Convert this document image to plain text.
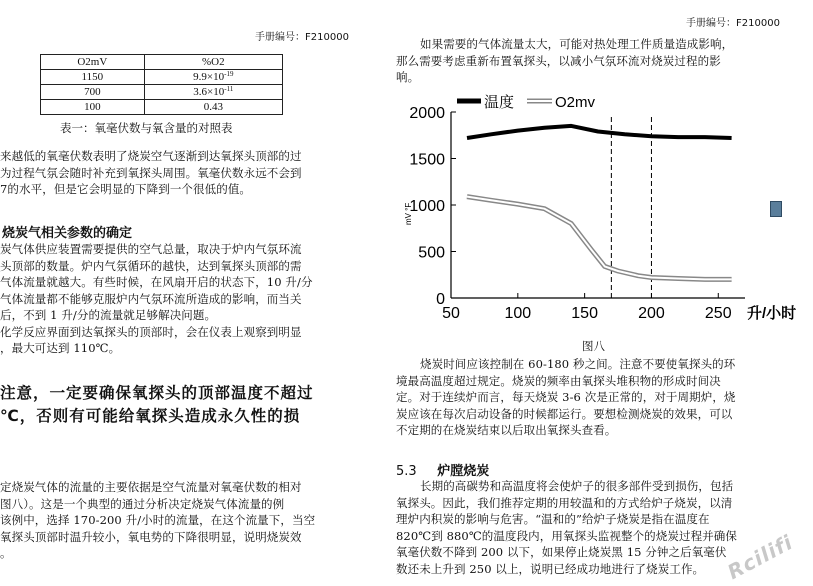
手册编号：F210000
手册编号：F210000
O2mV	%O2
1150	$9.9\times 10^{-19}$
700	$3.6\times 10^{-11}$
100	0.43
表一：氧毫伏数与氧含量的对照表
来越低的氧毫伏数表明了烧炭空气逐渐到达氧探头顶部的过
为过程气氛会随时补充到氧探头周围。氧毫伏数永远不会到
7的水平，但是它会明显的下降到一个很低的值。
烧炭气相关参数的确定
炭气体供应装置需要提供的空气总量，取决于炉内气氛环流
头顶部的数量。炉内气氛循环的越快，达到氧探头顶部的需
气体流量就越大。有些时候，在风扇开启的状态下，10 升/分
气体流量都不能够克服炉内气氛环流所造成的影响，而当关
后，不到 1 升/分的流量就足够解决问题。
化学反应界面到达氧探头的顶部时，会在仪表上观察到明显
，最大可达到 110℃。
注意，一定要确保氧探头的顶部温度不超过
℃，否则有可能给氧探头造成永久性的损
定烧炭气体的流量的主要依据是空气流量对氧毫伏数的相对
图八）。这是一个典型的通过分析决定烧炭气体流量的例
该例中，选择 170-200 升/小时的流量，在这个流量下，当空
氧探头顶部时温升较小，氧电势的下降很明显，说明烧炭效
。
如果需要的气体流量太大，可能对热处理工件质量造成影响，
那么需要考虑重新布置氧探头，以减小气氛环流对烧炭过程的影
响。
温度	O2mv
0
500
1000
1500
2000
50	100	150	200	250
mV °F
升/小时
图八
烧炭时间应该控制在 60-180 秒之间。注意不要使氧探头的环
境最高温度超过规定。烧炭的频率由氧探头堆积物的形成时间决
定。对于连续炉而言，每天烧炭 3-6 次是正常的，对于周期炉，烧
炭应该在每次启动设备的时候都运行。要想检测烧炭的效果，可以
不定期的在烧炭结束以后取出氧探头查看。
5.3 炉膛烧炭
长期的高碳势和高温度将会使炉子的很多部件受到损伤，包括
氧探头。因此，我们推荐定期的用较温和的方式给炉子烧炭，以清
理炉内积炭的影响与危害。“温和的”给炉子烧炭是指在温度在
820℃到 880℃的温度段内，用氧探头监视整个的烧炭过程并确保
氧毫伏数不降到 200 以下，如果停止烧炭黑 15 分钟之后氧毫伏
数还未上升到 250 以上，说明已经成功地进行了烧炭工作。 Rcilifi
